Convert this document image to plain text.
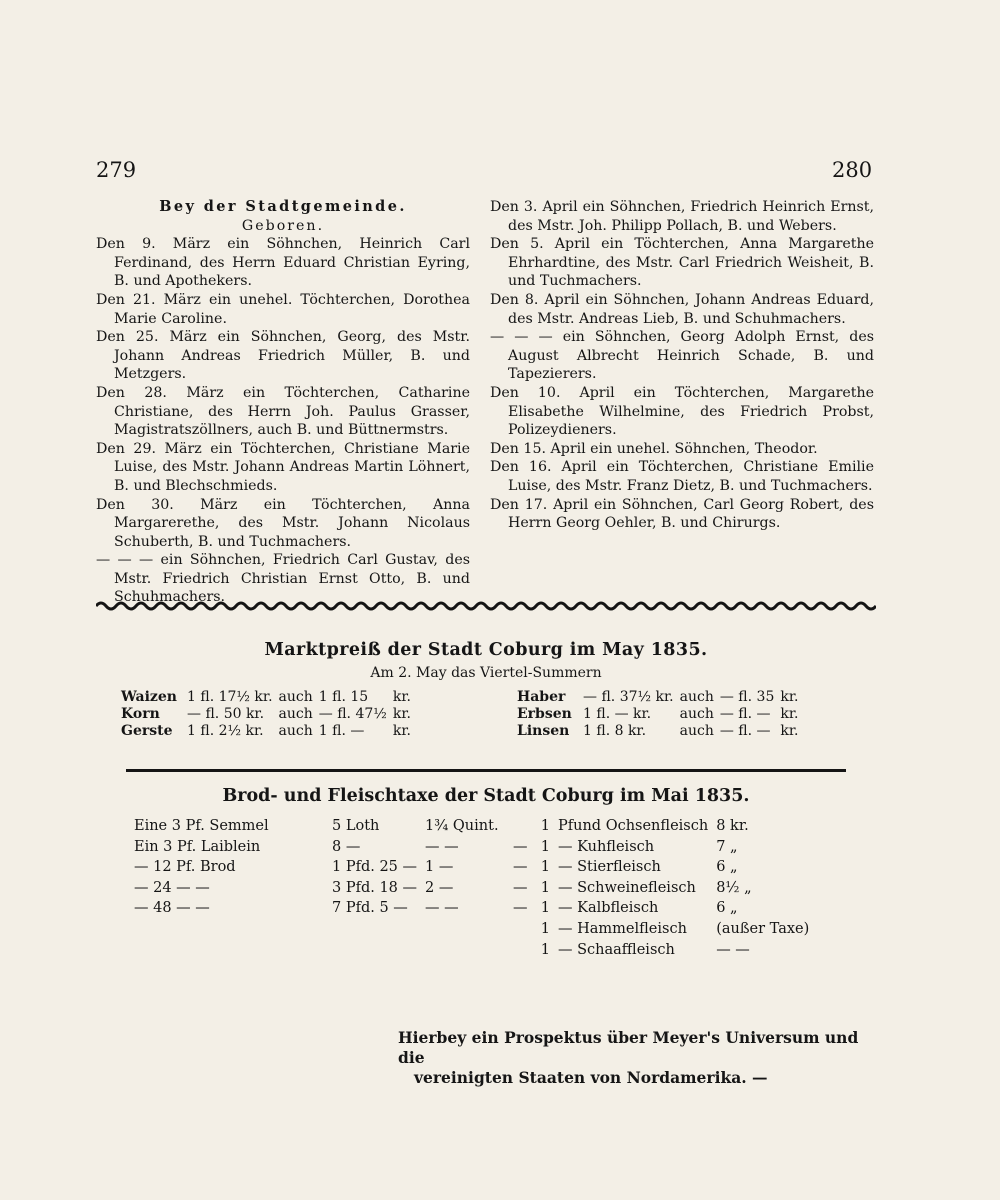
279	280
Bey der Stadtgemeinde.
Geboren.
Den 9. März ein Söhnchen, Heinrich Carl Ferdinand, des Herrn Eduard Christian Eyring, B. und Apothekers.
Den 21. März ein unehel. Töchterchen, Dorothea Marie Caroline.
Den 25. März ein Söhnchen, Georg, des Mstr. Johann Andreas Friedrich Müller, B. und Metzgers.
Den 28. März ein Töchterchen, Catharine Christiane, des Herrn Joh. Paulus Grasser, Magistratszöllners, auch B. und Büttnermstrs.
Den 29. März ein Töchterchen, Christiane Marie Luise, des Mstr. Johann Andreas Martin Löhnert, B. und Blechschmieds.
Den 30. März ein Töchterchen, Anna Margarerethe, des Mstr. Johann Nicolaus Schuberth, B. und Tuchmachers.
— — — ein Söhnchen, Friedrich Carl Gustav, des Mstr. Friedrich Christian Ernst Otto, B. und Schuhmachers.
Den 3. April ein Söhnchen, Friedrich Heinrich Ernst, des Mstr. Joh. Philipp Pollach, B. und Webers.
Den 5. April ein Töchterchen, Anna Margarethe Ehrhardtine, des Mstr. Carl Friedrich Weisheit, B. und Tuchmachers.
Den 8. April ein Söhnchen, Johann Andreas Eduard, des Mstr. Andreas Lieb, B. und Schuhmachers.
— — — ein Söhnchen, Georg Adolph Ernst, des August Albrecht Heinrich Schade, B. und Tapezierers.
Den 10. April ein Töchterchen, Margarethe Elisabethe Wilhelmine, des Friedrich Probst, Polizeydieners.
Den 15. April ein unehel. Söhnchen, Theodor.
Den 16. April ein Töchterchen, Christiane Emilie Luise, des Mstr. Franz Dietz, B. und Tuchmachers.
Den 17. April ein Söhnchen, Carl Georg Robert, des Herrn Georg Oehler, B. und Chirurgs.
Marktpreiß der Stadt Coburg im May 1835.
Am 2. May das Viertel-Summern
Waizen	1 fl. 17½ kr.	auch	1 fl. 15	kr.
Korn	— fl. 50 kr.	auch	— fl. 47½	kr.
Gerste	1 fl. 2½ kr.	auch	1 fl. —	kr.
Haber	— fl. 37½ kr.	auch	— fl. 35	kr.
Erbsen	1 fl. — kr.	auch	— fl. —	kr.
Linsen	1 fl. 8 kr.	auch	— fl. —	kr.
Brod- und Fleischtaxe der Stadt Coburg im Mai 1835.
Eine 3 Pf. Semmel	5 Loth	1¾ Quint.	
Ein 3 Pf. Laiblein	8 —	— —	—
— 12 Pf. Brod	1 Pfd. 25 —	1 —	—
— 24 — —	3 Pfd. 18 —	2 —	—
— 48 — —	7 Pfd. 5 —	— —	—
1	Pfund Ochsenfleisch	8 kr.
1	— Kuhfleisch	7 „
1	— Stierfleisch	6 „
1	— Schweinefleisch	8½ „
1	— Kalbfleisch	6 „
1	— Hammelfleisch	(außer Taxe)
1	— Schaaffleisch	— —
Hierbey ein Prospektus über Meyer's Universum und die
vereinigten Staaten von Nordamerika. —
